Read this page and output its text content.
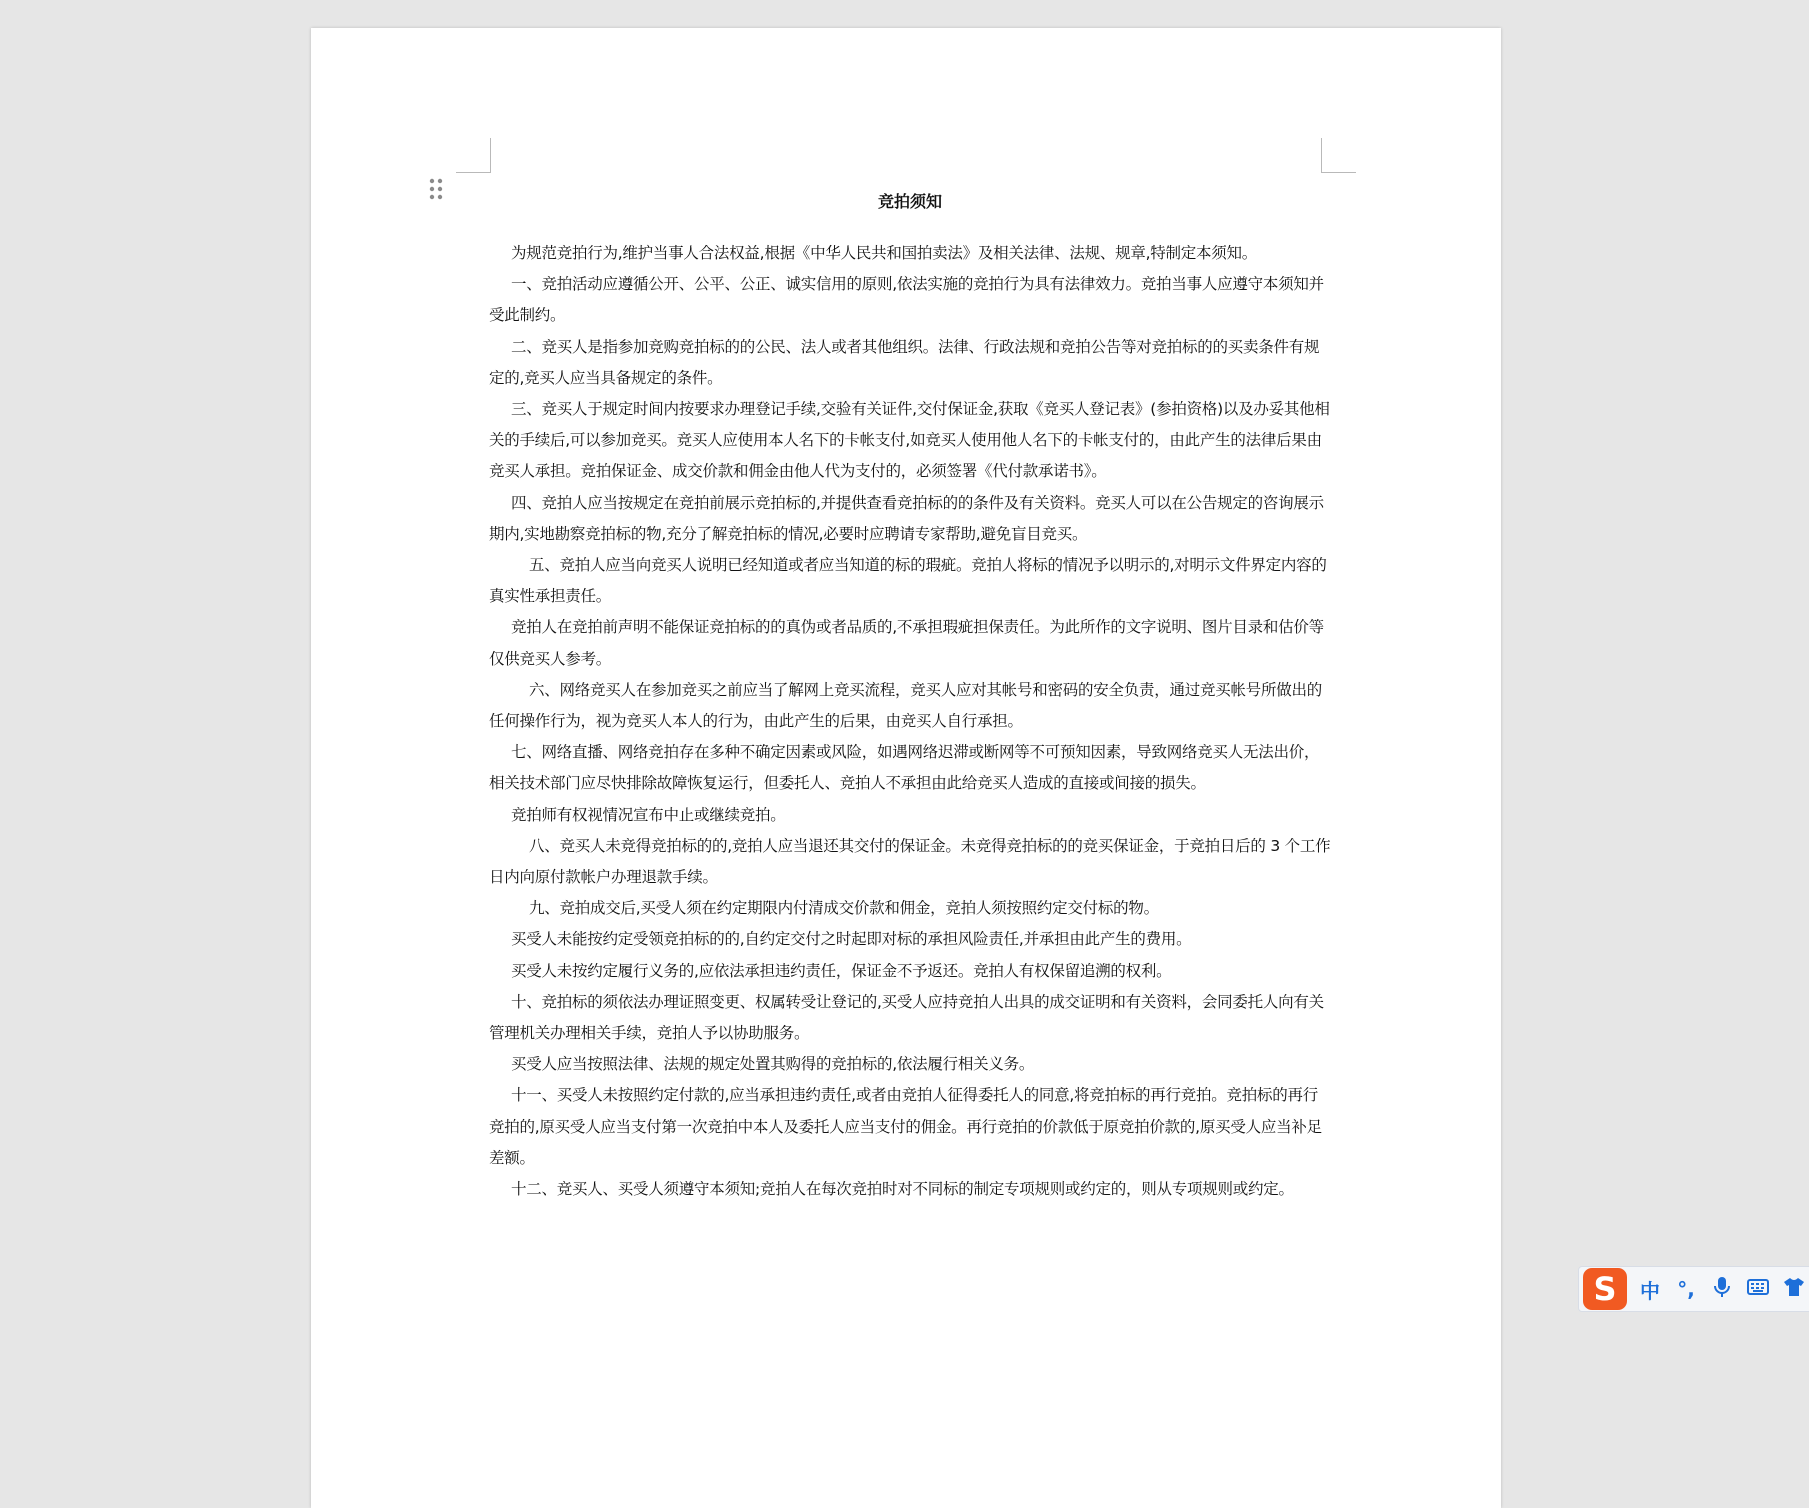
竞拍须知

为规范竞拍行为,维护当事人合法权益,根据《中华人民共和国拍卖法》及相关法律、法规、规章,特制定本须知。

一、竞拍活动应遵循公开、公平、公正、诚实信用的原则,依法实施的竞拍行为具有法律效力。竞拍当事人应遵守本须知并受此制约。

二、竞买人是指参加竞购竞拍标的的公民、法人或者其他组织。法律、行政法规和竞拍公告等对竞拍标的的买卖条件有规定的,竞买人应当具备规定的条件。

三、竞买人于规定时间内按要求办理登记手续,交验有关证件,交付保证金,获取《竞买人登记表》(参拍资格)以及办妥其他相关的手续后,可以参加竞买。竞买人应使用本人名下的卡帐支付,如竞买人使用他人名下的卡帐支付的，由此产生的法律后果由竞买人承担。竞拍保证金、成交价款和佣金由他人代为支付的，必须签署《代付款承诺书》。

四、竞拍人应当按规定在竞拍前展示竞拍标的,并提供查看竞拍标的的条件及有关资料。竞买人可以在公告规定的咨询展示期内,实地勘察竞拍标的物,充分了解竞拍标的情况,必要时应聘请专家帮助,避免盲目竞买。

五、竞拍人应当向竞买人说明已经知道或者应当知道的标的瑕疵。竞拍人将标的情况予以明示的,对明示文件界定内容的真实性承担责任。

竞拍人在竞拍前声明不能保证竞拍标的的真伪或者品质的,不承担瑕疵担保责任。为此所作的文字说明、图片目录和估价等仅供竞买人参考。

六、网络竞买人在参加竞买之前应当了解网上竞买流程，竞买人应对其帐号和密码的安全负责，通过竞买帐号所做出的任何操作行为，视为竞买人本人的行为，由此产生的后果，由竞买人自行承担。

七、网络直播、网络竞拍存在多种不确定因素或风险，如遇网络迟滞或断网等不可预知因素，导致网络竞买人无法出价，相关技术部门应尽快排除故障恢复运行，但委托人、竞拍人不承担由此给竞买人造成的直接或间接的损失。

竞拍师有权视情况宣布中止或继续竞拍。

八、竞买人未竞得竞拍标的的,竞拍人应当退还其交付的保证金。未竞得竞拍标的的竞买保证金，于竞拍日后的 3 个工作日内向原付款帐户办理退款手续。

九、竞拍成交后,买受人须在约定期限内付清成交价款和佣金，竞拍人须按照约定交付标的物。

买受人未能按约定受领竞拍标的的,自约定交付之时起即对标的承担风险责任,并承担由此产生的费用。

买受人未按约定履行义务的,应依法承担违约责任，保证金不予返还。竞拍人有权保留追溯的权利。

十、竞拍标的须依法办理证照变更、权属转受让登记的,买受人应持竞拍人出具的成交证明和有关资料，会同委托人向有关管理机关办理相关手续，竞拍人予以协助服务。

买受人应当按照法律、法规的规定处置其购得的竞拍标的,依法履行相关义务。

十一、买受人未按照约定付款的,应当承担违约责任,或者由竞拍人征得委托人的同意,将竞拍标的再行竞拍。竞拍标的再行竞拍的,原买受人应当支付第一次竞拍中本人及委托人应当支付的佣金。再行竞拍的价款低于原竞拍价款的,原买受人应当补足差额。

十二、竞买人、买受人须遵守本须知;竞拍人在每次竞拍时对不同标的制定专项规则或约定的，则从专项规则或约定。

S	中 °,
